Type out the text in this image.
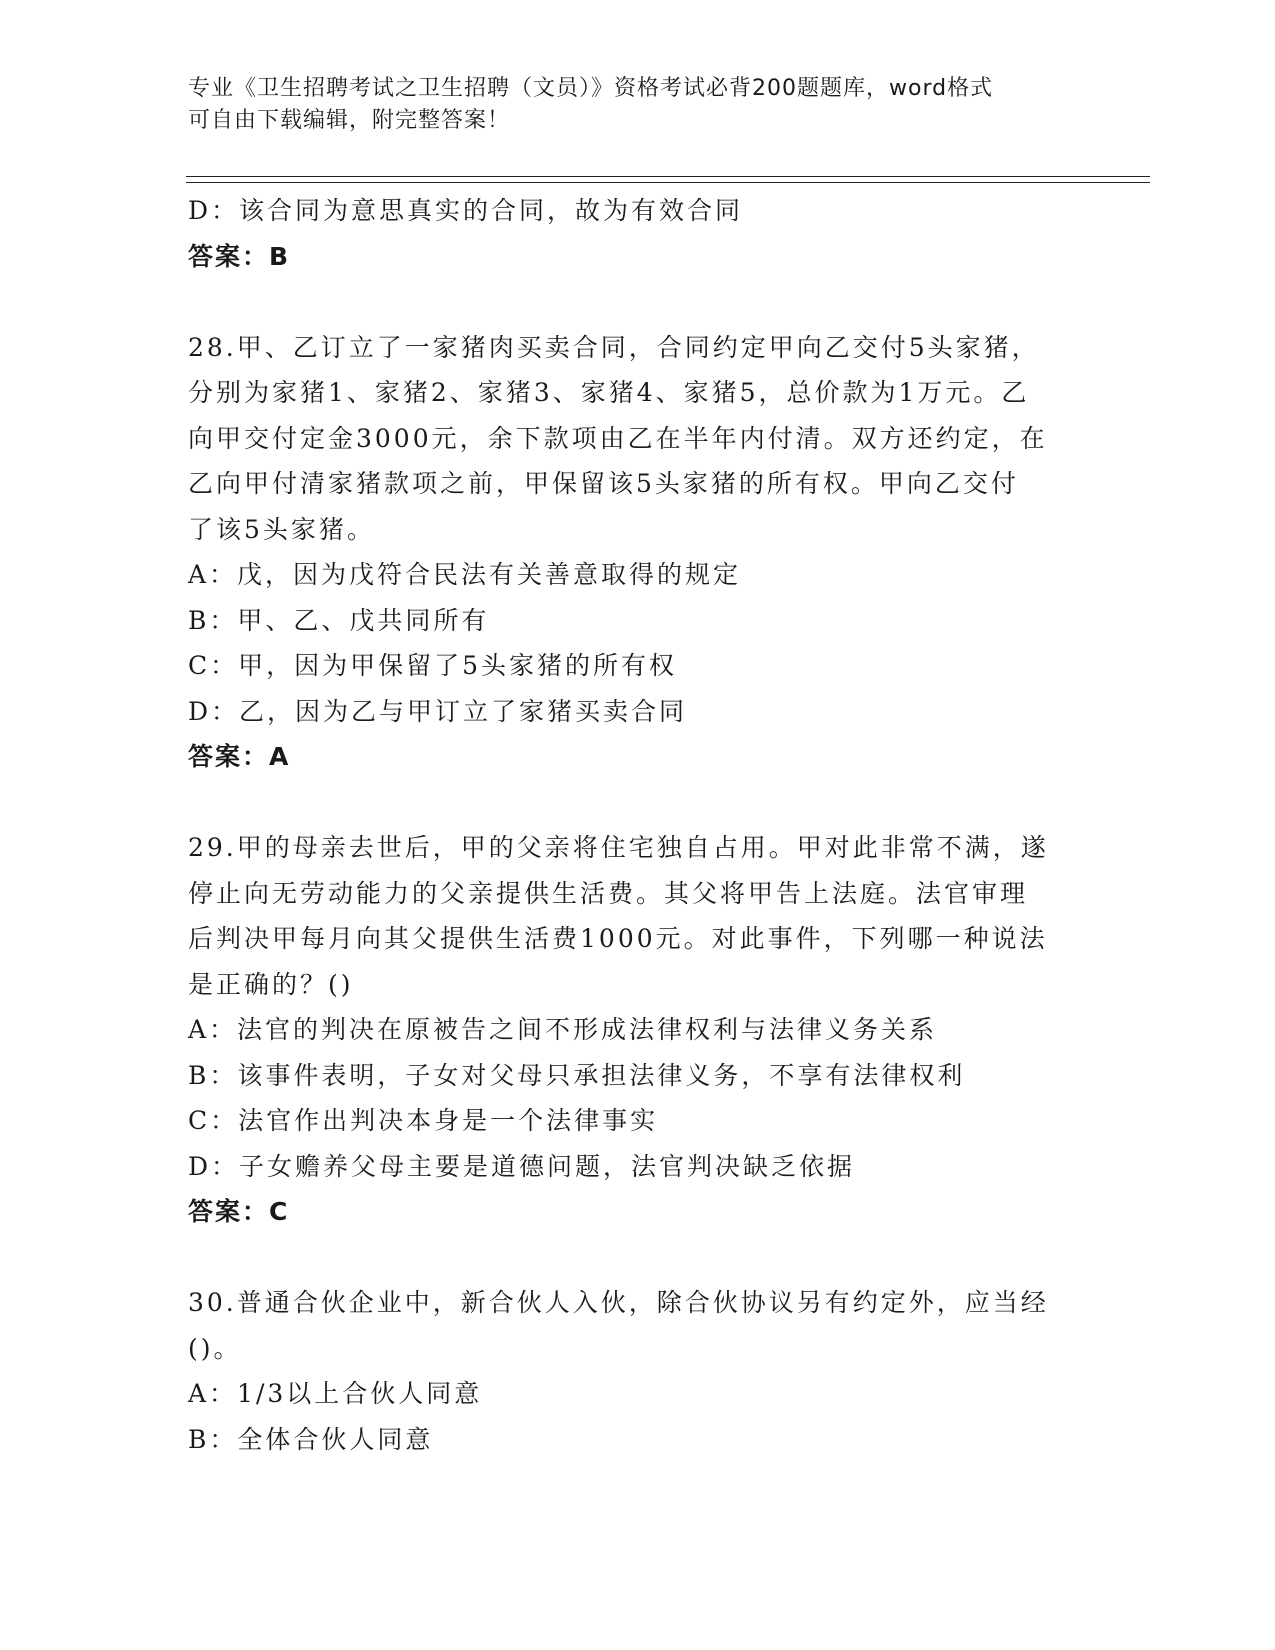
专业《卫生招聘考试之卫生招聘（文员）》资格考试必背200题题库，word格式
可自由下载编辑，附完整答案！
D：该合同为意思真实的合同，故为有效合同
答案：B
28.甲、乙订立了一家猪肉买卖合同，合同约定甲向乙交付5头家猪，
分别为家猪1、家猪2、家猪3、家猪4、家猪5，总价款为1万元。乙
向甲交付定金3000元，余下款项由乙在半年内付清。双方还约定，在
乙向甲付清家猪款项之前，甲保留该5头家猪的所有权。甲向乙交付
了该5头家猪。
A：戊，因为戊符合民法有关善意取得的规定
B：甲、乙、戊共同所有
C：甲，因为甲保留了5头家猪的所有权
D：乙，因为乙与甲订立了家猪买卖合同
答案：A
29.甲的母亲去世后，甲的父亲将住宅独自占用。甲对此非常不满，遂
停止向无劳动能力的父亲提供生活费。其父将甲告上法庭。法官审理
后判决甲每月向其父提供生活费1000元。对此事件，下列哪一种说法
是正确的？()
A：法官的判决在原被告之间不形成法律权利与法律义务关系
B：该事件表明，子女对父母只承担法律义务，不享有法律权利
C：法官作出判决本身是一个法律事实
D：子女赡养父母主要是道德问题，法官判决缺乏依据
答案：C
30.普通合伙企业中，新合伙人入伙，除合伙协议另有约定外，应当经
()。
A：1/3以上合伙人同意
B：全体合伙人同意
